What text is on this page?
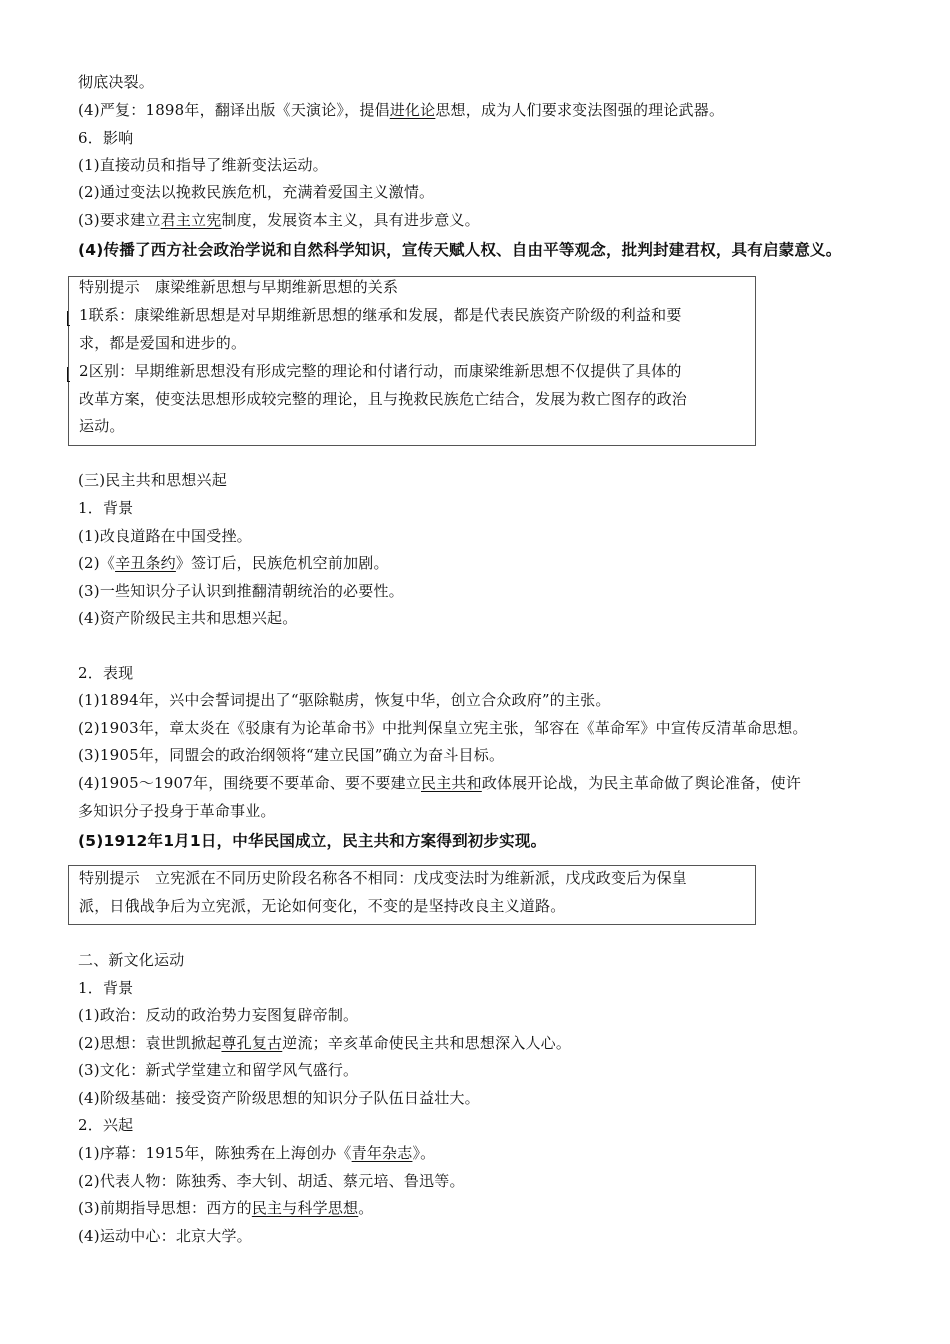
彻底决裂。
(4)严复：1898年，翻译出版《天演论》，提倡进化论思想，成为人们要求变法图强的理论武器。
6．影响
(1)直接动员和指导了维新变法运动。
(2)通过变法以挽救民族危机，充满着爱国主义激情。
(3)要求建立君主立宪制度，发展资本主义，具有进步意义。
(4)传播了西方社会政治学说和自然科学知识，宣传天赋人权、自由平等观念，批判封建君权，具有启蒙意义。
特别提示　康梁维新思想与早期维新思想的关系
1联系：康梁维新思想是对早期维新思想的继承和发展，都是代表民族资产阶级的利益和要
求，都是爱国和进步的。
2区别：早期维新思想没有形成完整的理论和付诸行动，而康梁维新思想不仅提供了具体的
改革方案，使变法思想形成较完整的理论，且与挽救民族危亡结合，发展为救亡图存的政治
运动。
(三)民主共和思想兴起
1．背景
(1)改良道路在中国受挫。
(2)《辛丑条约》签订后，民族危机空前加剧。
(3)一些知识分子认识到推翻清朝统治的必要性。
(4)资产阶级民主共和思想兴起。
2．表现
(1)1894年，兴中会誓词提出了“驱除鞑虏，恢复中华，创立合众政府”的主张。
(2)1903年，章太炎在《驳康有为论革命书》中批判保皇立宪主张，邹容在《革命军》中宣传反清革命思想。
(3)1905年，同盟会的政治纲领将“建立民国”确立为奋斗目标。
(4)1905～1907年，围绕要不要革命、要不要建立民主共和政体展开论战，为民主革命做了舆论准备，使许
多知识分子投身于革命事业。
(5)1912年1月1日，中华民国成立，民主共和方案得到初步实现。
特别提示　立宪派在不同历史阶段名称各不相同：戊戌变法时为维新派，戊戌政变后为保皇
派，日俄战争后为立宪派，无论如何变化，不变的是坚持改良主义道路。
二、新文化运动
1．背景
(1)政治：反动的政治势力妄图复辟帝制。
(2)思想：袁世凯掀起尊孔复古逆流；辛亥革命使民主共和思想深入人心。
(3)文化：新式学堂建立和留学风气盛行。
(4)阶级基础：接受资产阶级思想的知识分子队伍日益壮大。
2．兴起
(1)序幕：1915年，陈独秀在上海创办《青年杂志》。
(2)代表人物：陈独秀、李大钊、胡适、蔡元培、鲁迅等。
(3)前期指导思想：西方的民主与科学思想。
(4)运动中心：北京大学。
